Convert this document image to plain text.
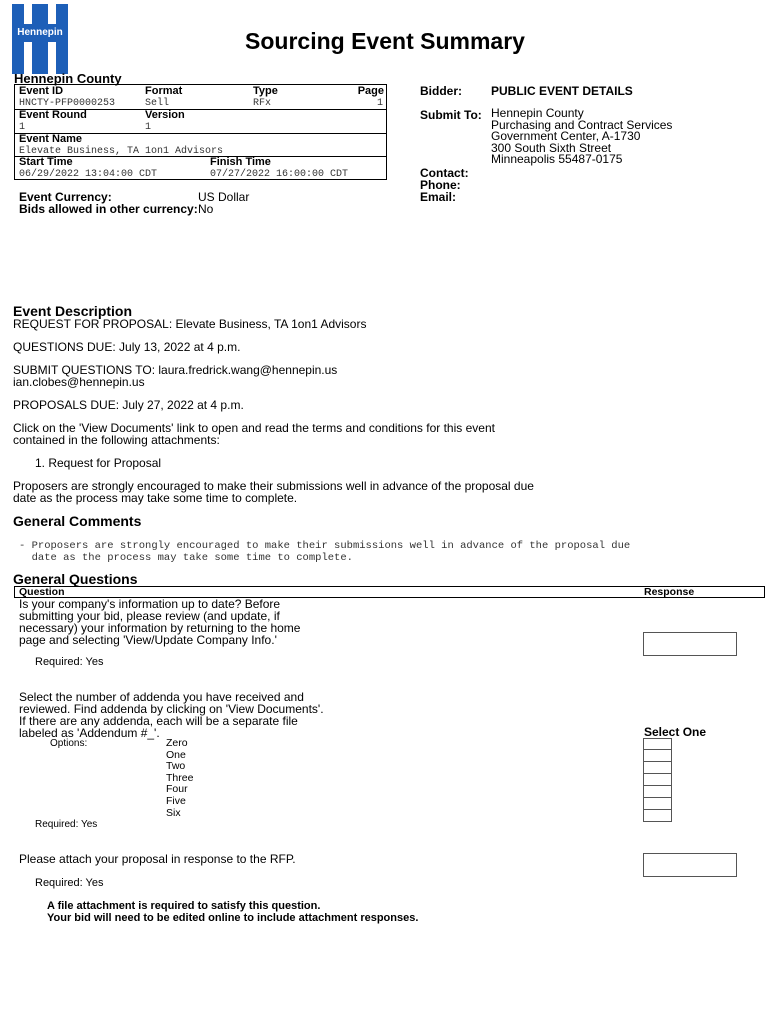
Hennepin	Sourcing Event Summary
Hennepin County
Event ID	Format	Type	Page
HNCTY-PFP0000253	Sell	RFx	1
Event Round	Version
1	1
Event Name
Elevate Business, TA 1on1 Advisors
Start Time	Finish Time
06/29/2022 13:04:00 CDT	07/27/2022 16:00:00 CDT
Event Currency:	US Dollar
Bids allowed in other currency: No
Bidder: PUBLIC EVENT DETAILS
Submit To: Hennepin County
Purchasing and Contract Services
Government Center, A-1730
300 South Sixth Street
Minneapolis 55487-0175
Contact:
Phone:
Email:
Event Description
REQUEST FOR PROPOSAL: Elevate Business, TA 1on1 Advisors
QUESTIONS DUE: July 13, 2022 at 4 p.m.
SUBMIT QUESTIONS TO: laura.fredrick.wang@hennepin.us
ian.clobes@hennepin.us
PROPOSALS DUE: July 27, 2022 at 4 p.m.
Click on the 'View Documents' link to open and read the terms and conditions for this event
contained in the following attachments:
1. Request for Proposal
Proposers are strongly encouraged to make their submissions well in advance of the proposal due
date as the process may take some time to complete.
General Comments
- Proposers are strongly encouraged to make their submissions well in advance of the proposal due
date as the process may take some time to complete.
General Questions
Question	Response
Is your company's information up to date? Before
submitting your bid, please review (and update, if
necessary) your information by returning to the home
page and selecting 'View/Update Company Info.'
Required: Yes
Select the number of addenda you have received and
reviewed. Find addenda by clicking on 'View Documents'.
If there are any addenda, each will be a separate file
labeled as 'Addendum #_'.	Select One
Options:	Zero
One
Two
Three
Four
Five
Six
Required: Yes
Please attach your proposal in response to the RFP.
Required: Yes
A file attachment is required to satisfy this question.
Your bid will need to be edited online to include attachment responses.
